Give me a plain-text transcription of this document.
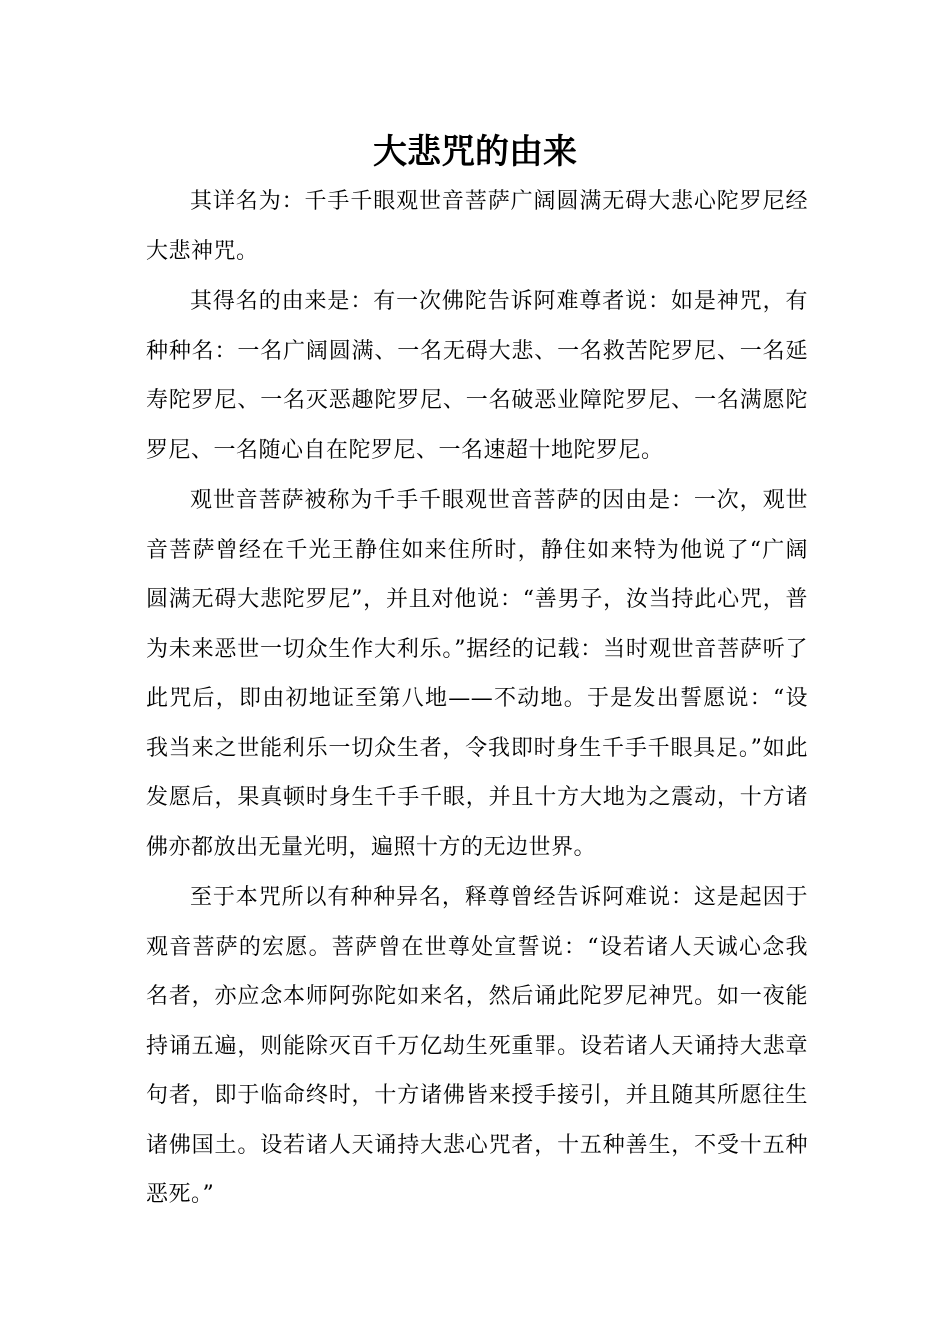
大悲咒的由来

其详名为：千手千眼观世音菩萨广阔圆满无碍大悲心陀罗尼经大悲神咒。

其得名的由来是：有一次佛陀告诉阿难尊者说：如是神咒，有种种名：一名广阔圆满、一名无碍大悲、一名救苦陀罗尼、一名延寿陀罗尼、一名灭恶趣陀罗尼、一名破恶业障陀罗尼、一名满愿陀罗尼、一名随心自在陀罗尼、一名速超十地陀罗尼。

观世音菩萨被称为千手千眼观世音菩萨的因由是：一次，观世音菩萨曾经在千光王静住如来住所时，静住如来特为他说了“广阔圆满无碍大悲陀罗尼”，并且对他说：“善男子，汝当持此心咒，普为未来恶世一切众生作大利乐。”据经的记载：当时观世音菩萨听了此咒后，即由初地证至第八地——不动地。于是发出誓愿说：“设我当来之世能利乐一切众生者，令我即时身生千手千眼具足。”如此发愿后，果真顿时身生千手千眼，并且十方大地为之震动，十方诸佛亦都放出无量光明，遍照十方的无边世界。

至于本咒所以有种种异名，释尊曾经告诉阿难说：这是起因于观音菩萨的宏愿。菩萨曾在世尊处宣誓说：“设若诸人天诚心念我名者，亦应念本师阿弥陀如来名，然后诵此陀罗尼神咒。如一夜能持诵五遍，则能除灭百千万亿劫生死重罪。设若诸人天诵持大悲章句者，即于临命终时，十方诸佛皆来授手接引，并且随其所愿往生诸佛国土。设若诸人天诵持大悲心咒者，十五种善生，不受十五种恶死。”
